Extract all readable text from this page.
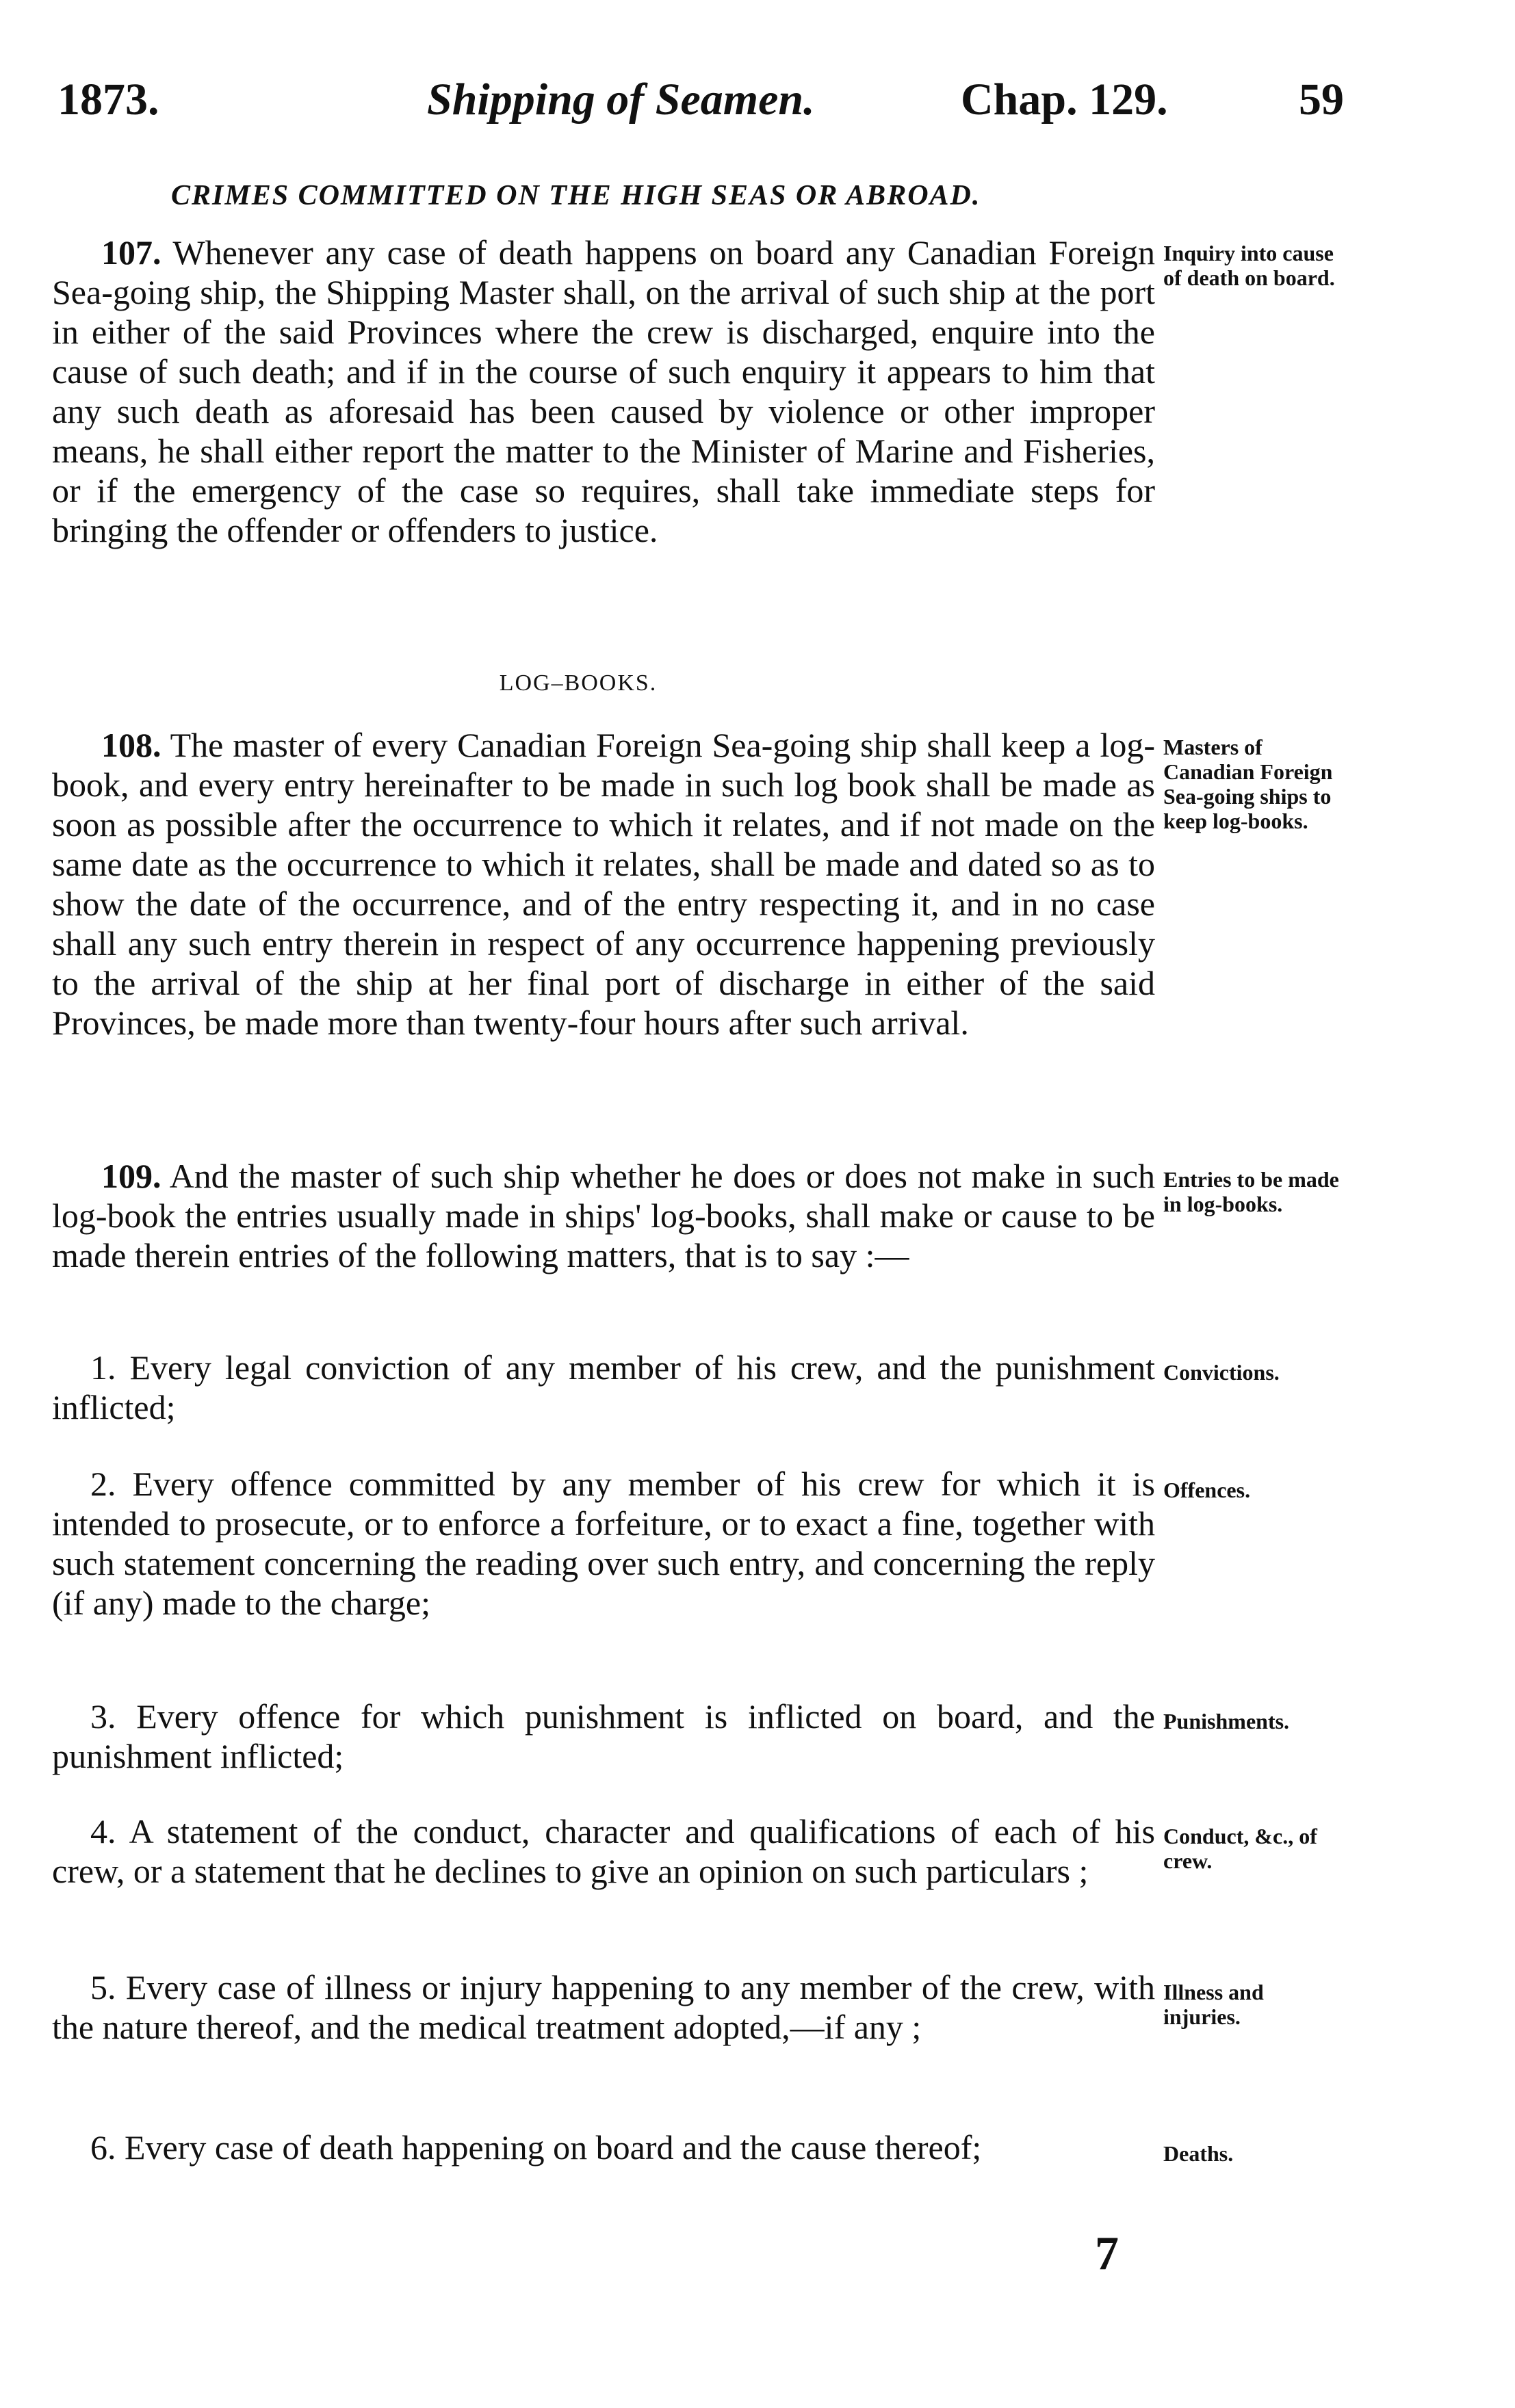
1873.	Shipping of Seamen.	Chap. 129.	59
CRIMES COMMITTED ON THE HIGH SEAS OR ABROAD.

107. Whenever any case of death happens on board any Canadian Foreign Sea-going ship, the Shipping Master shall, on the arrival of such ship at the port in either of the said Provinces where the crew is discharged, enquire into the cause of such death; and if in the course of such enquiry it appears to him that any such death as aforesaid has been caused by violence or other improper means, he shall either report the matter to the Minister of Marine and Fisheries, or if the emergency of the case so requires, shall take immediate steps for bringing the offender or offenders to justice.

Inquiry into cause of death on board.
LOG–BOOKS.

108. The master of every Canadian Foreign Sea-going ship shall keep a log-book, and every entry hereinafter to be made in such log book shall be made as soon as possible after the occurrence to which it relates, and if not made on the same date as the occurrence to which it relates, shall be made and dated so as to show the date of the occurrence, and of the entry respecting it, and in no case shall any such entry therein in respect of any occurrence happening previously to the arrival of the ship at her final port of discharge in either of the said Provinces, be made more than twenty-four hours after such arrival.

Masters of Canadian Foreign Sea-going ships to keep log-books.

109. And the master of such ship whether he does or does not make in such log-book the entries usually made in ships' log-books, shall make or cause to be made therein entries of the following matters, that is to say :—

Entries to be made in log-books.

1. Every legal conviction of any member of his crew, and the punishment inflicted;

Convictions.

2. Every offence committed by any member of his crew for which it is intended to prosecute, or to enforce a forfeiture, or to exact a fine, together with such statement concerning the reading over such entry, and concerning the reply (if any) made to the charge;

Offences.

3. Every offence for which punishment is inflicted on board, and the punishment inflicted;

Punishments.

4. A statement of the conduct, character and qualifications of each of his crew, or a statement that he declines to give an opinion on such particulars ;

Conduct, &c., of crew.

5. Every case of illness or injury happening to any member of the crew, with the nature thereof, and the medical treatment adopted,—if any ;

Illness and injuries.

6. Every case of death happening on board and the cause thereof;	Deaths.
7
